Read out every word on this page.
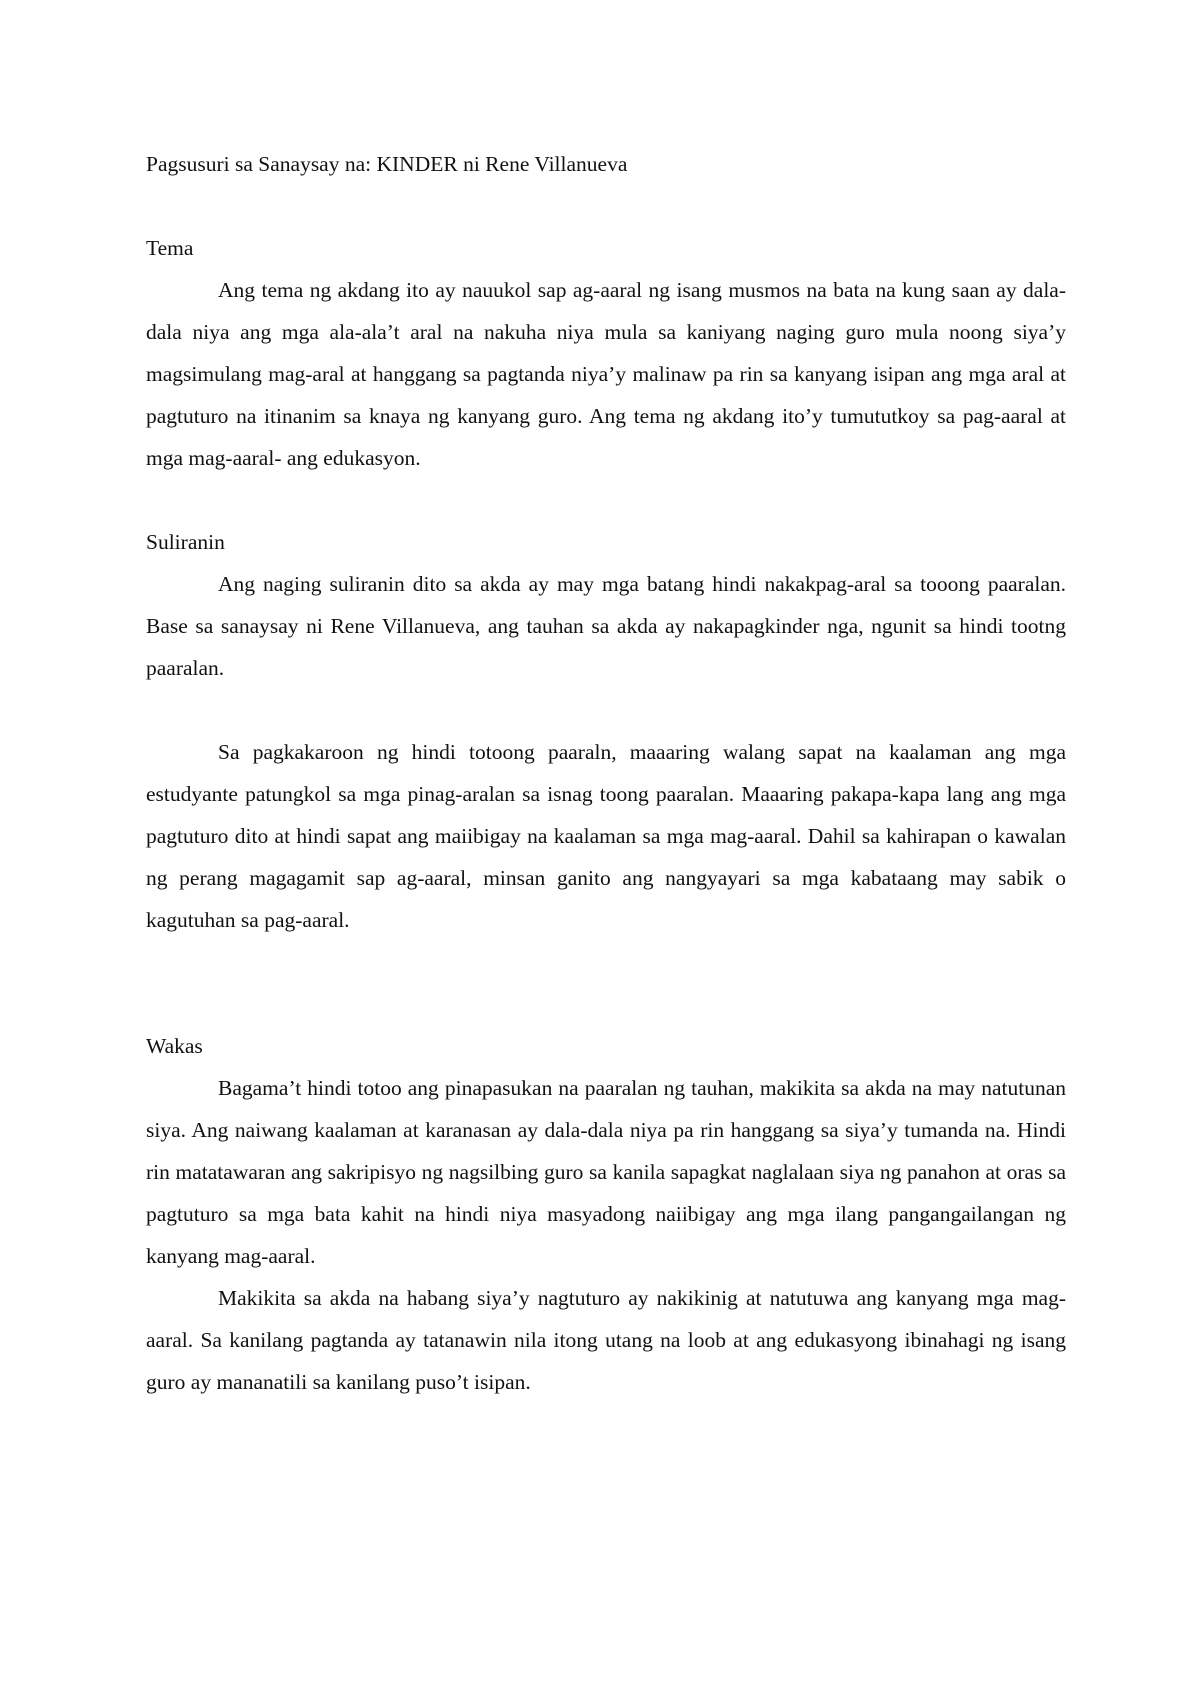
Pagsusuri sa Sanaysay na: KINDER ni Rene Villanueva

Tema

Ang tema ng akdang ito ay nauukol sap ag-aaral ng isang musmos na bata na kung saan ay dala-dala niya ang mga ala-ala’t aral na nakuha niya mula sa kaniyang naging guro mula noong siya’y magsimulang mag-aral at hanggang sa pagtanda niya’y malinaw pa rin sa kanyang isipan ang mga aral at pagtuturo na itinanim sa knaya ng kanyang guro. Ang tema ng akdang ito’y tumututkoy sa pag-aaral at mga mag-aaral- ang edukasyon.

Suliranin

Ang naging suliranin dito sa akda ay may mga batang hindi nakakpag-aral sa tooong paaralan. Base sa sanaysay ni Rene Villanueva, ang tauhan sa akda ay nakapagkinder nga, ngunit sa hindi tootng paaralan.

Sa pagkakaroon ng hindi totoong paaraln, maaaring walang sapat na kaalaman ang mga estudyante patungkol sa mga pinag-aralan sa isnag toong paaralan. Maaaring pakapa-kapa lang ang mga pagtuturo dito at hindi sapat ang maiibigay na kaalaman sa mga mag-aaral. Dahil sa kahirapan o kawalan ng perang magagamit sap ag-aaral, minsan ganito ang nangyayari sa mga kabataang may sabik o kagutuhan sa pag-aaral.

Wakas

Bagama’t hindi totoo ang pinapasukan na paaralan ng tauhan, makikita sa akda na may natutunan siya. Ang naiwang kaalaman at karanasan ay dala-dala niya pa rin hanggang sa siya’y tumanda na. Hindi rin matatawaran ang sakripisyo ng nagsilbing guro sa kanila sapagkat naglalaan siya ng panahon at oras sa pagtuturo sa mga bata kahit na hindi niya masyadong naiibigay ang mga ilang pangangailangan ng kanyang mag-aaral.

Makikita sa akda na habang siya’y nagtuturo ay nakikinig at natutuwa ang kanyang mga mag-aaral. Sa kanilang pagtanda ay tatanawin nila itong utang na loob at ang edukasyong ibinahagi ng isang guro ay mananatili sa kanilang puso’t isipan.
